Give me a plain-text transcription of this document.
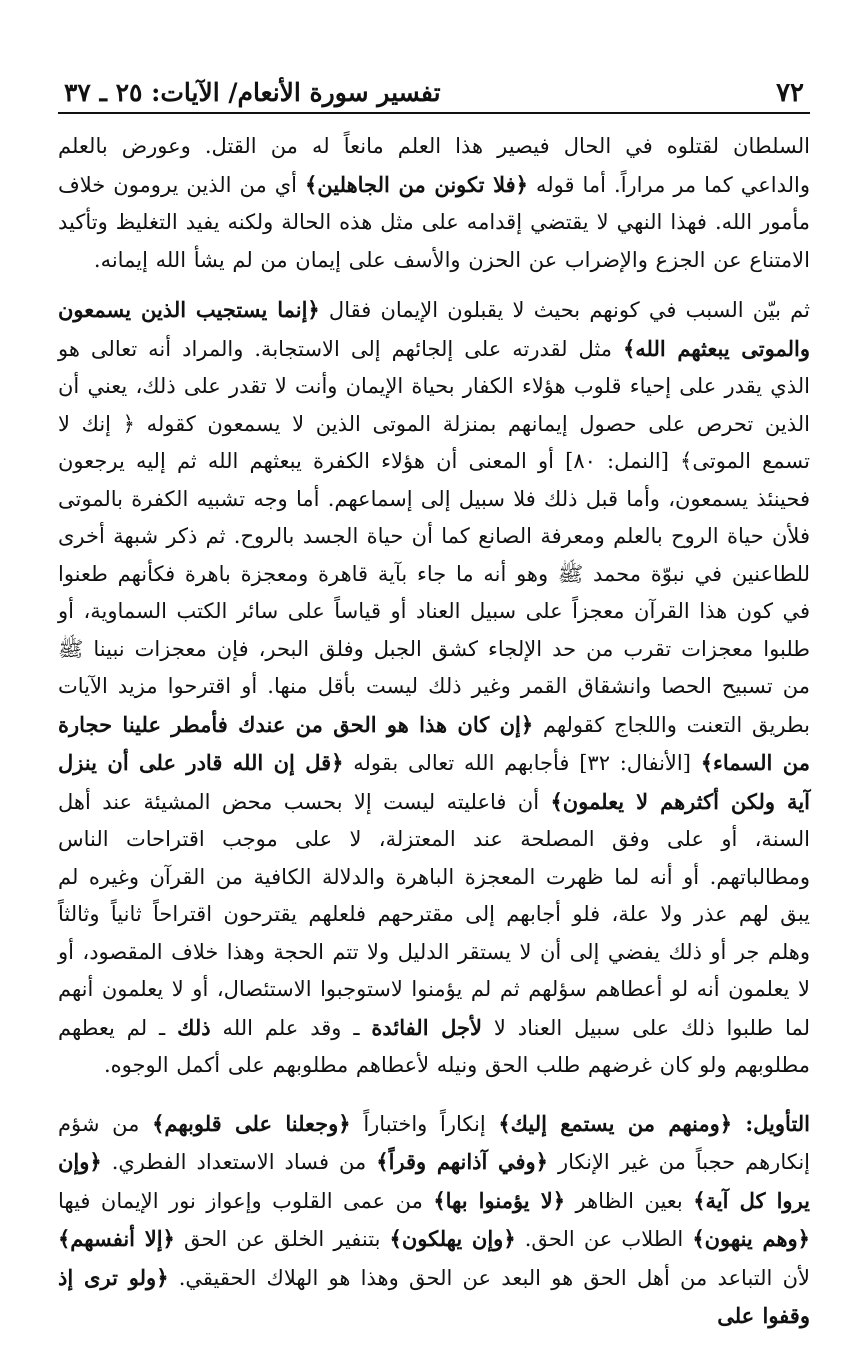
٧٢
تفسير سورة الأنعام/ الآيات: ٢٥ ـ ٣٧

السلطان لقتلوه في الحال فيصير هذا العلم مانعاً له من القتل. وعورض بالعلم والداعي كما مر مراراً. أما قوله ﴿فلا تكونن من الجاهلين﴾ أي من الذين يرومون خلاف مأمور الله. فهذا النهي لا يقتضي إقدامه على مثل هذه الحالة ولكنه يفيد التغليظ وتأكيد الامتناع عن الجزع والإضراب عن الحزن والأسف على إيمان من لم يشأ الله إيمانه.

ثم بيّن السبب في كونهم بحيث لا يقبلون الإيمان فقال ﴿إنما يستجيب الذين يسمعون والموتى يبعثهم الله﴾ مثل لقدرته على إلجائهم إلى الاستجابة. والمراد أنه تعالى هو الذي يقدر على إحياء قلوب هؤلاء الكفار بحياة الإيمان وأنت لا تقدر على ذلك، يعني أن الذين تحرص على حصول إيمانهم بمنزلة الموتى الذين لا يسمعون كقوله ﴿ إنك لا تسمع الموتى﴾ [النمل: ٨٠] أو المعنى أن هؤلاء الكفرة يبعثهم الله ثم إليه يرجعون فحينئذ يسمعون، وأما قبل ذلك فلا سبيل إلى إسماعهم. أما وجه تشبيه الكفرة بالموتى فلأن حياة الروح بالعلم ومعرفة الصانع كما أن حياة الجسد بالروح. ثم ذكر شبهة أخرى للطاعنين في نبوّة محمد ﷺ وهو أنه ما جاء بآية قاهرة ومعجزة باهرة فكأنهم طعنوا في كون هذا القرآن معجزاً على سبيل العناد أو قياساً على سائر الكتب السماوية، أو طلبوا معجزات تقرب من حد الإلجاء كشق الجبل وفلق البحر، فإن معجزات نبينا ﷺ من تسبيح الحصا وانشقاق القمر وغير ذلك ليست بأقل منها. أو اقترحوا مزيد الآيات بطريق التعنت واللجاج كقولهم ﴿إن كان هذا هو الحق من عندك فأمطر علينا حجارة من السماء﴾ [الأنفال: ٣٢] فأجابهم الله تعالى بقوله ﴿قل إن الله قادر على أن ينزل آية ولكن أكثرهم لا يعلمون﴾ أن فاعليته ليست إلا بحسب محض المشيئة عند أهل السنة، أو على وفق المصلحة عند المعتزلة، لا على موجب اقتراحات الناس ومطالباتهم. أو أنه لما ظهرت المعجزة الباهرة والدلالة الكافية من القرآن وغيره لم يبق لهم عذر ولا علة، فلو أجابهم إلى مقترحهم فلعلهم يقترحون اقتراحاً ثانياً وثالثاً وهلم جر أو ذلك يفضي إلى أن لا يستقر الدليل ولا تتم الحجة وهذا خلاف المقصود، أو لا يعلمون أنه لو أعطاهم سؤلهم ثم لم يؤمنوا لاستوجبوا الاستئصال، أو لا يعلمون أنهم لما طلبوا ذلك على سبيل العناد لا لأجل الفائدة ـ وقد علم الله ذلك ـ لم يعطهم مطلوبهم ولو كان غرضهم طلب الحق ونيله لأعطاهم مطلوبهم على أكمل الوجوه.

التأويل: ﴿ومنهم من يستمع إليك﴾ إنكاراً واختباراً ﴿وجعلنا على قلوبهم﴾ من شؤم إنكارهم حجباً من غير الإنكار ﴿وفي آذانهم وقراً﴾ من فساد الاستعداد الفطري. ﴿وإن يروا كل آية﴾ بعين الظاهر ﴿لا يؤمنوا بها﴾ من عمى القلوب وإعواز نور الإيمان فيها ﴿وهم ينهون﴾ الطلاب عن الحق. ﴿وإن يهلكون﴾ بتنفير الخلق عن الحق ﴿إلا أنفسهم﴾ لأن التباعد من أهل الحق هو البعد عن الحق وهذا هو الهلاك الحقيقي. ﴿ولو ترى إذ وقفوا على
